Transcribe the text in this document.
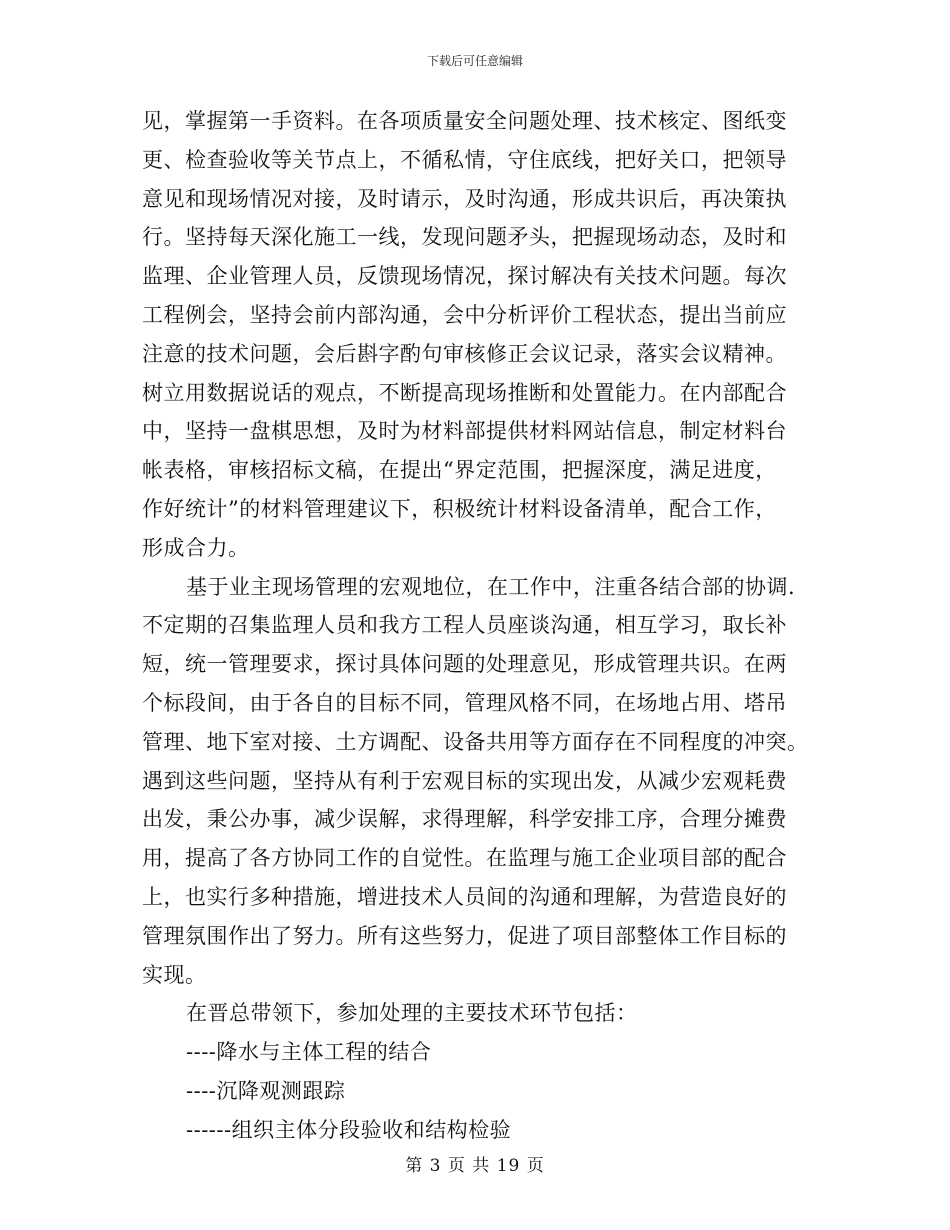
下载后可任意编辑
见，掌握第一手资料。在各项质量安全问题处理、技术核定、图纸变
更、检查验收等关节点上，不循私情，守住底线，把好关口，把领导
意见和现场情况对接，及时请示，及时沟通，形成共识后，再决策执
行。坚持每天深化施工一线，发现问题矛头，把握现场动态，及时和
监理、企业管理人员，反馈现场情况，探讨解决有关技术问题。每次
工程例会，坚持会前内部沟通，会中分析评价工程状态，提出当前应
注意的技术问题，会后斟字酌句审核修正会议记录，落实会议精神。
树立用数据说话的观点，不断提高现场推断和处置能力。在内部配合
中，坚持一盘棋思想，及时为材料部提供材料网站信息，制定材料台
帐表格，审核招标文稿，在提出“界定范围，把握深度，满足进度，
作好统计”的材料管理建议下，积极统计材料设备清单，配合工作，
形成合力。
基于业主现场管理的宏观地位，在工作中，注重各结合部的协调.
不定期的召集监理人员和我方工程人员座谈沟通，相互学习，取长补
短，统一管理要求，探讨具体问题的处理意见，形成管理共识。在两
个标段间，由于各自的目标不同，管理风格不同，在场地占用、塔吊
管理、地下室对接、土方调配、设备共用等方面存在不同程度的冲突。
遇到这些问题，坚持从有利于宏观目标的实现出发，从减少宏观耗费
出发，秉公办事，减少误解，求得理解，科学安排工序，合理分摊费
用，提高了各方协同工作的自觉性。在监理与施工企业项目部的配合
上，也实行多种措施，增进技术人员间的沟通和理解，为营造良好的
管理氛围作出了努力。所有这些努力，促进了项目部整体工作目标的
实现。
在晋总带领下，参加处理的主要技术环节包括：
----降水与主体工程的结合
----沉降观测跟踪
------组织主体分段验收和结构检验
第 3 页 共 19 页
